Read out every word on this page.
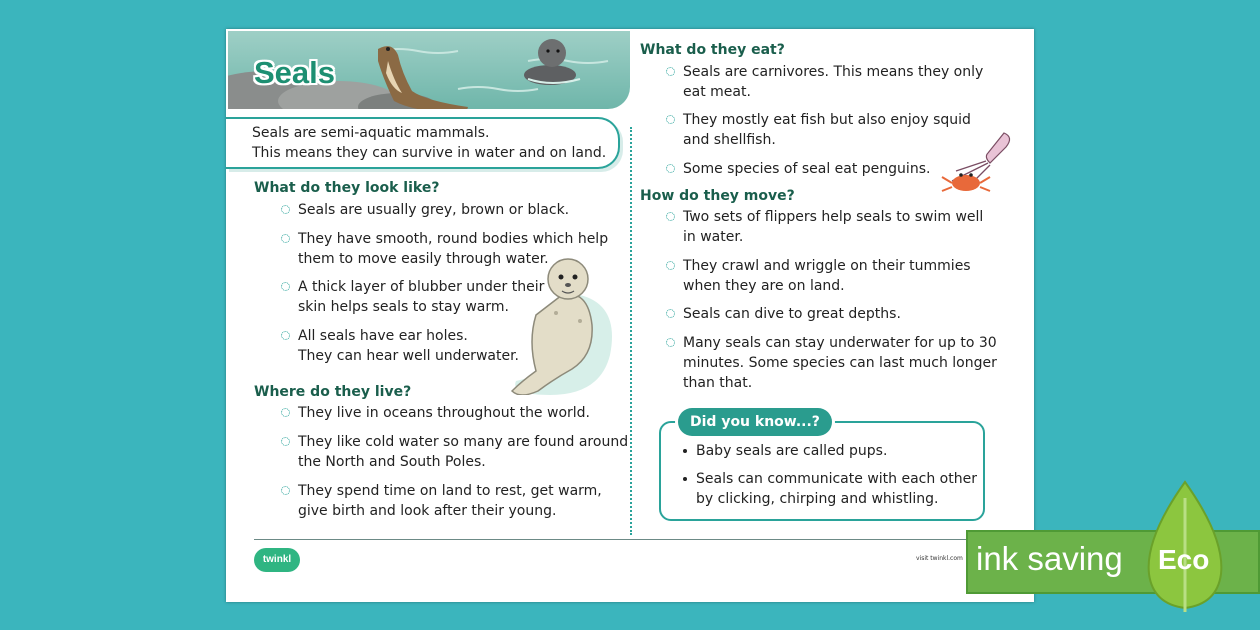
Seals

Seals are semi-aquatic mammals.

This means they can survive in water and on land.

What do they look like?
Seals are usually grey, brown or black.
They have smooth, round bodies which help
them to move easily through water.
A thick layer of blubber under their
skin helps seals to stay warm.
All seals have ear holes.
They can hear well underwater.
Where do they live?
They live in oceans throughout the world.
They like cold water so many are found around
the North and South Poles.
They spend time on land to rest, get warm,
give birth and look after their young.
What do they eat?
Seals are carnivores. This means they only
eat meat.
They mostly eat fish but also enjoy squid
and shellfish.
Some species of seal eat penguins.
How do they move?
Two sets of flippers help seals to swim well
in water.
They crawl and wriggle on their tummies
when they are on land.
Seals can dive to great depths.
Many seals can stay underwater for up to 30
minutes. Some species can last much longer
than that.
Did you know...?
Baby seals are called pups.
Seals can communicate with each other
by clicking, chirping and whistling.
twinkl	visit twinkl.com ink saving Eco
